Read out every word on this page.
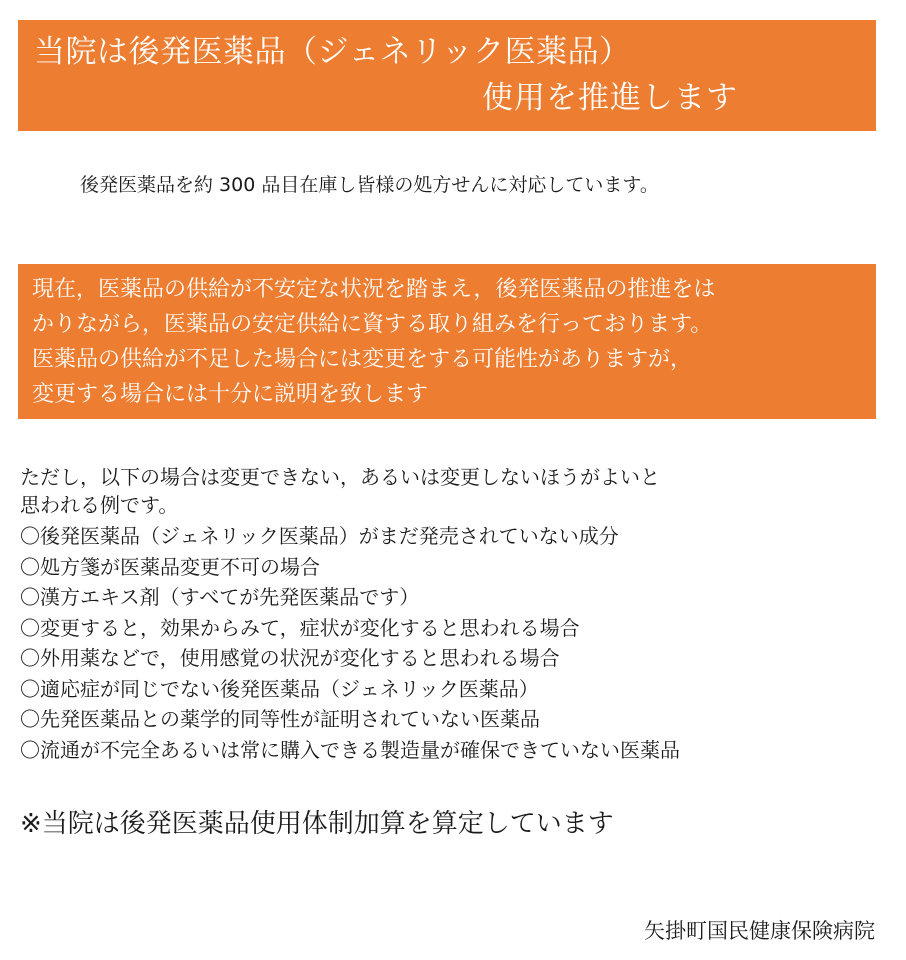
当院は後発医薬品（ジェネリック医薬品）
使用を推進します
後発医薬品を約 300 品目在庫し皆様の処方せんに対応しています。
現在，医薬品の供給が不安定な状況を踏まえ，後発医薬品の推進をは
かりながら，医薬品の安定供給に資する取り組みを行っております。
医薬品の供給が不足した場合には変更をする可能性がありますが，
変更する場合には十分に説明を致します
ただし，以下の場合は変更できない，あるいは変更しないほうがよいと
思われる例です。
〇後発医薬品（ジェネリック医薬品）がまだ発売されていない成分
〇処方箋が医薬品変更不可の場合
〇漢方エキス剤（すべてが先発医薬品です）
〇変更すると，効果からみて，症状が変化すると思われる場合
〇外用薬などで，使用感覚の状況が変化すると思われる場合
〇適応症が同じでない後発医薬品（ジェネリック医薬品）
〇先発医薬品との薬学的同等性が証明されていない医薬品
〇流通が不完全あるいは常に購入できる製造量が確保できていない医薬品
※当院は後発医薬品使用体制加算を算定しています
矢掛町国民健康保険病院
